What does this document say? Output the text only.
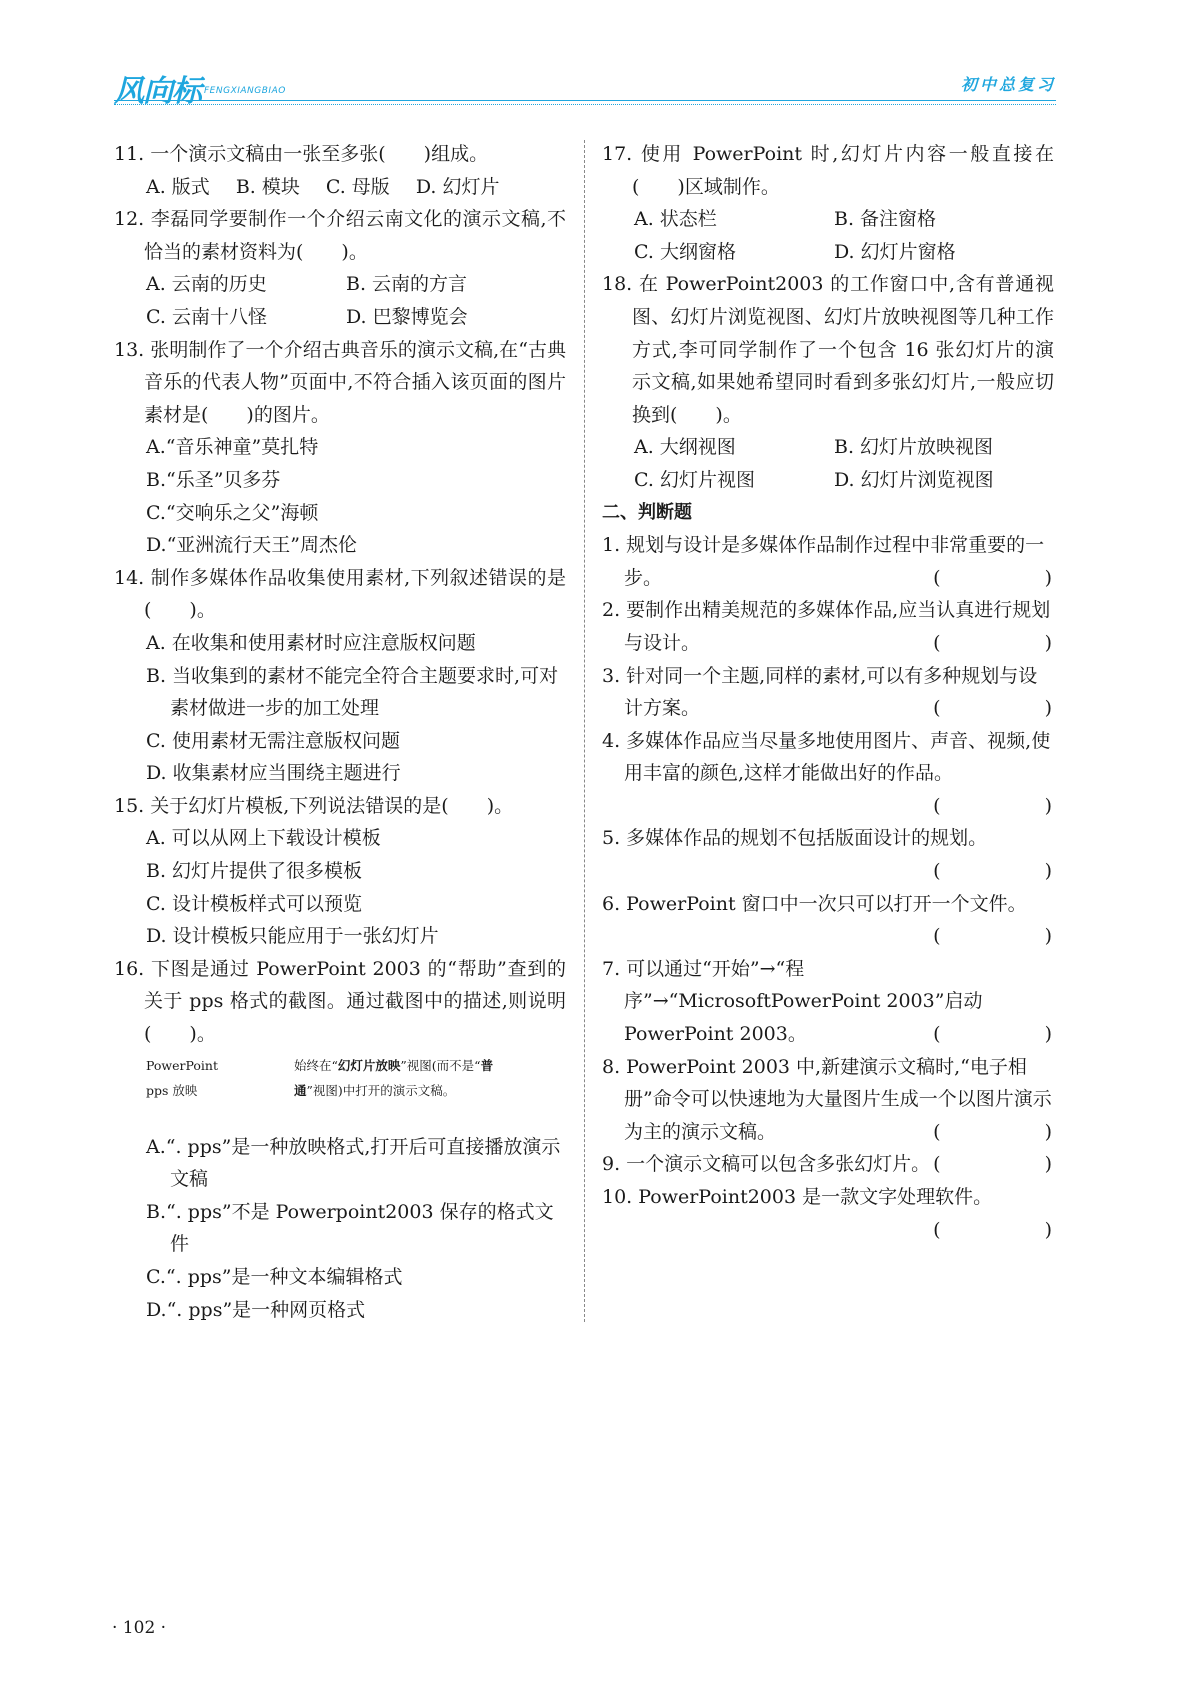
风向标 FENGXIANGBIAO	初中总复习
11. 一个演示文稿由一张至多张(　　)组成。
A. 版式 B. 模块 C. 母版 D. 幻灯片
12. 李磊同学要制作一个介绍云南文化的演示文稿,不恰当的素材资料为(　　)。
A. 云南的历史	B. 云南的方言
C. 云南十八怪	D. 巴黎博览会
13. 张明制作了一个介绍古典音乐的演示文稿,在“古典音乐的代表人物”页面中,不符合插入该页面的图片素材是(　　)的图片。
A.“音乐神童”莫扎特
B.“乐圣”贝多芬
C.“交响乐之父”海顿
D.“亚洲流行天王”周杰伦
14. 制作多媒体作品收集使用素材,下列叙述错误的是(　　)。
A. 在收集和使用素材时应注意版权问题
B. 当收集到的素材不能完全符合主题要求时,可对素材做进一步的加工处理
C. 使用素材无需注意版权问题
D. 收集素材应当围绕主题进行
15. 关于幻灯片模板,下列说法错误的是(　　)。
A. 可以从网上下载设计模板
B. 幻灯片提供了很多模板
C. 设计模板样式可以预览
D. 设计模板只能应用于一张幻灯片
16. 下图是通过 PowerPoint 2003 的“帮助”查到的关于 pps 格式的截图。通过截图中的描述,则说明(　　)。
PowerPoint　pps 放映
始终在“幻灯片放映”视图(而不是“普通”视图)中打开的演示文稿。
A.“. pps”是一种放映格式,打开后可直接播放演示文稿
B.“. pps”不是 Powerpoint2003 保存的格式文件
C.“. pps”是一种文本编辑格式
D.“. pps”是一种网页格式
17. 使用 PowerPoint 时,幻灯片内容一般直接在(　　)区域制作。
A. 状态栏	B. 备注窗格
C. 大纲窗格	D. 幻灯片窗格
18. 在 PowerPoint2003 的工作窗口中,含有普通视图、幻灯片浏览视图、幻灯片放映视图等几种工作方式,李可同学制作了一个包含 16 张幻灯片的演示文稿,如果她希望同时看到多张幻灯片,一般应切换到(　　)。
A. 大纲视图	B. 幻灯片放映视图
C. 幻灯片视图	D. 幻灯片浏览视图
二、判断题
1. 规划与设计是多媒体作品制作过程中非常重要的一步。	(　　)
2. 要制作出精美规范的多媒体作品,应当认真进行规划与设计。	(　　)
3. 针对同一个主题,同样的素材,可以有多种规划与设计方案。	(　　)
4. 多媒体作品应当尽量多地使用图片、声音、视频,使用丰富的颜色,这样才能做出好的作品。
(　　)

5. 多媒体作品的规划不包括版面设计的规划。
(　　)

6. PowerPoint 窗口中一次只可以打开一个文件。
(　　)

7. 可以通过“开始”→“程序”→“MicrosoftPowerPoint 2003”启动 PowerPoint 2003。	(　　)
8. PowerPoint 2003 中,新建演示文稿时,“电子相册”命令可以快速地为大量图片生成一个以图片演示为主的演示文稿。	(　　)
9. 一个演示文稿可以包含多张幻灯片。 (　　)
10. PowerPoint2003 是一款文字处理软件。
(　　)

· 102 ·
